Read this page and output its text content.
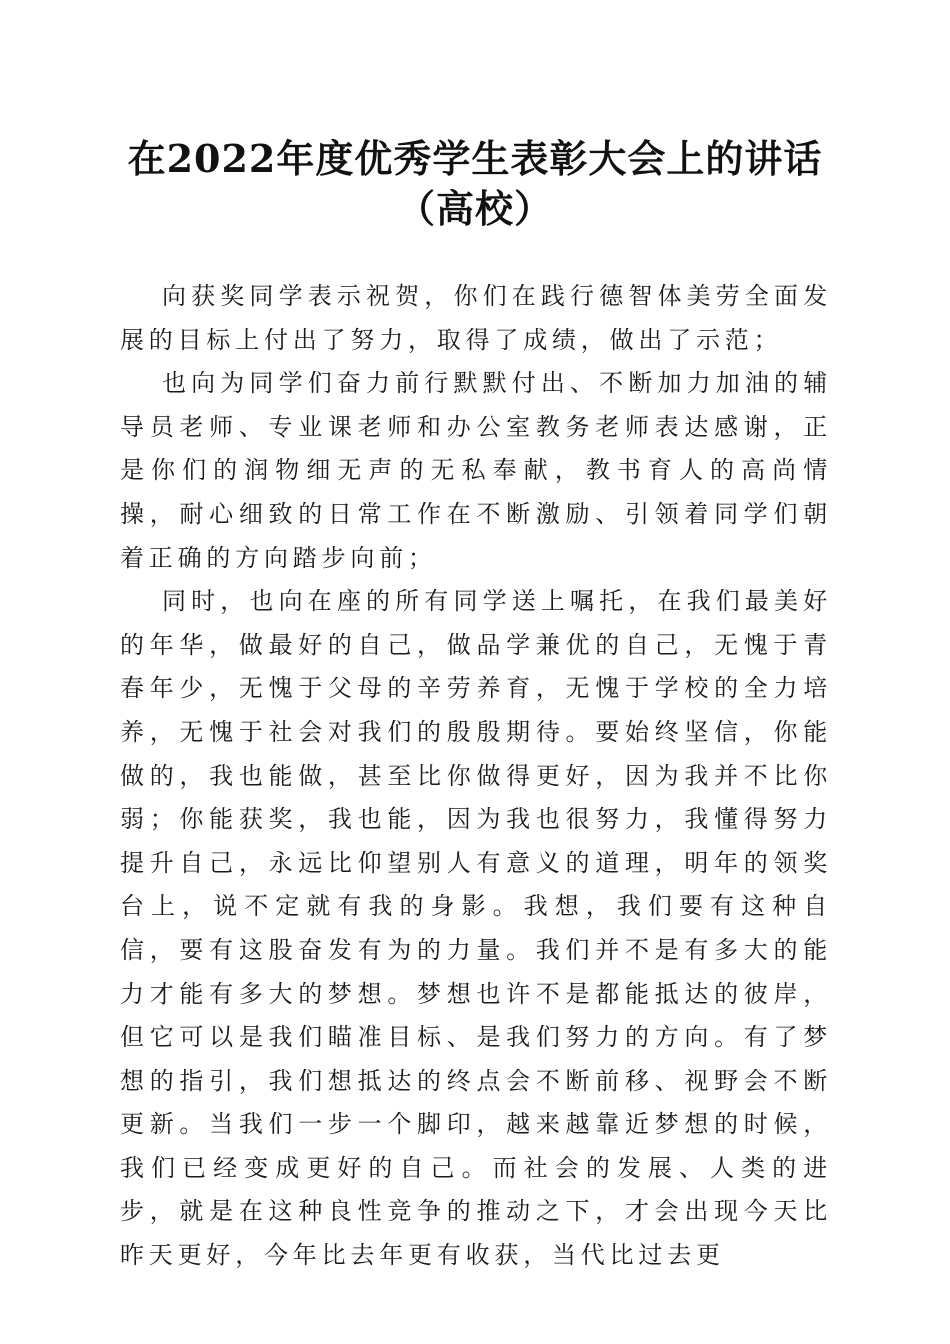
在2022年度优秀学生表彰大会上的讲话（高校）

向获奖同学表示祝贺，你们在践行德智体美劳全面发展的目标上付出了努力，取得了成绩，做出了示范；

也向为同学们奋力前行默默付出、不断加力加油的辅导员老师、专业课老师和办公室教务老师表达感谢，正是你们的润物细无声的无私奉献，教书育人的高尚情操，耐心细致的日常工作在不断激励、引领着同学们朝着正确的方向踏步向前；

同时，也向在座的所有同学送上嘱托，在我们最美好的年华，做最好的自己，做品学兼优的自己，无愧于青春年少，无愧于父母的辛劳养育，无愧于学校的全力培养，无愧于社会对我们的殷殷期待。要始终坚信，你能做的，我也能做，甚至比你做得更好，因为我并不比你弱；你能获奖，我也能，因为我也很努力，我懂得努力提升自己，永远比仰望别人有意义的道理，明年的领奖台上，说不定就有我的身影。我想，我们要有这种自信，要有这股奋发有为的力量。我们并不是有多大的能力才能有多大的梦想。梦想也许不是都能抵达的彼岸，但它可以是我们瞄准目标、是我们努力的方向。有了梦想的指引，我们想抵达的终点会不断前移、视野会不断更新。当我们一步一个脚印，越来越靠近梦想的时候，我们已经变成更好的自己。而社会的发展、人类的进步，就是在这种良性竞争的推动之下，才会出现今天比昨天更好，今年比去年更有收获，当代比过去更
